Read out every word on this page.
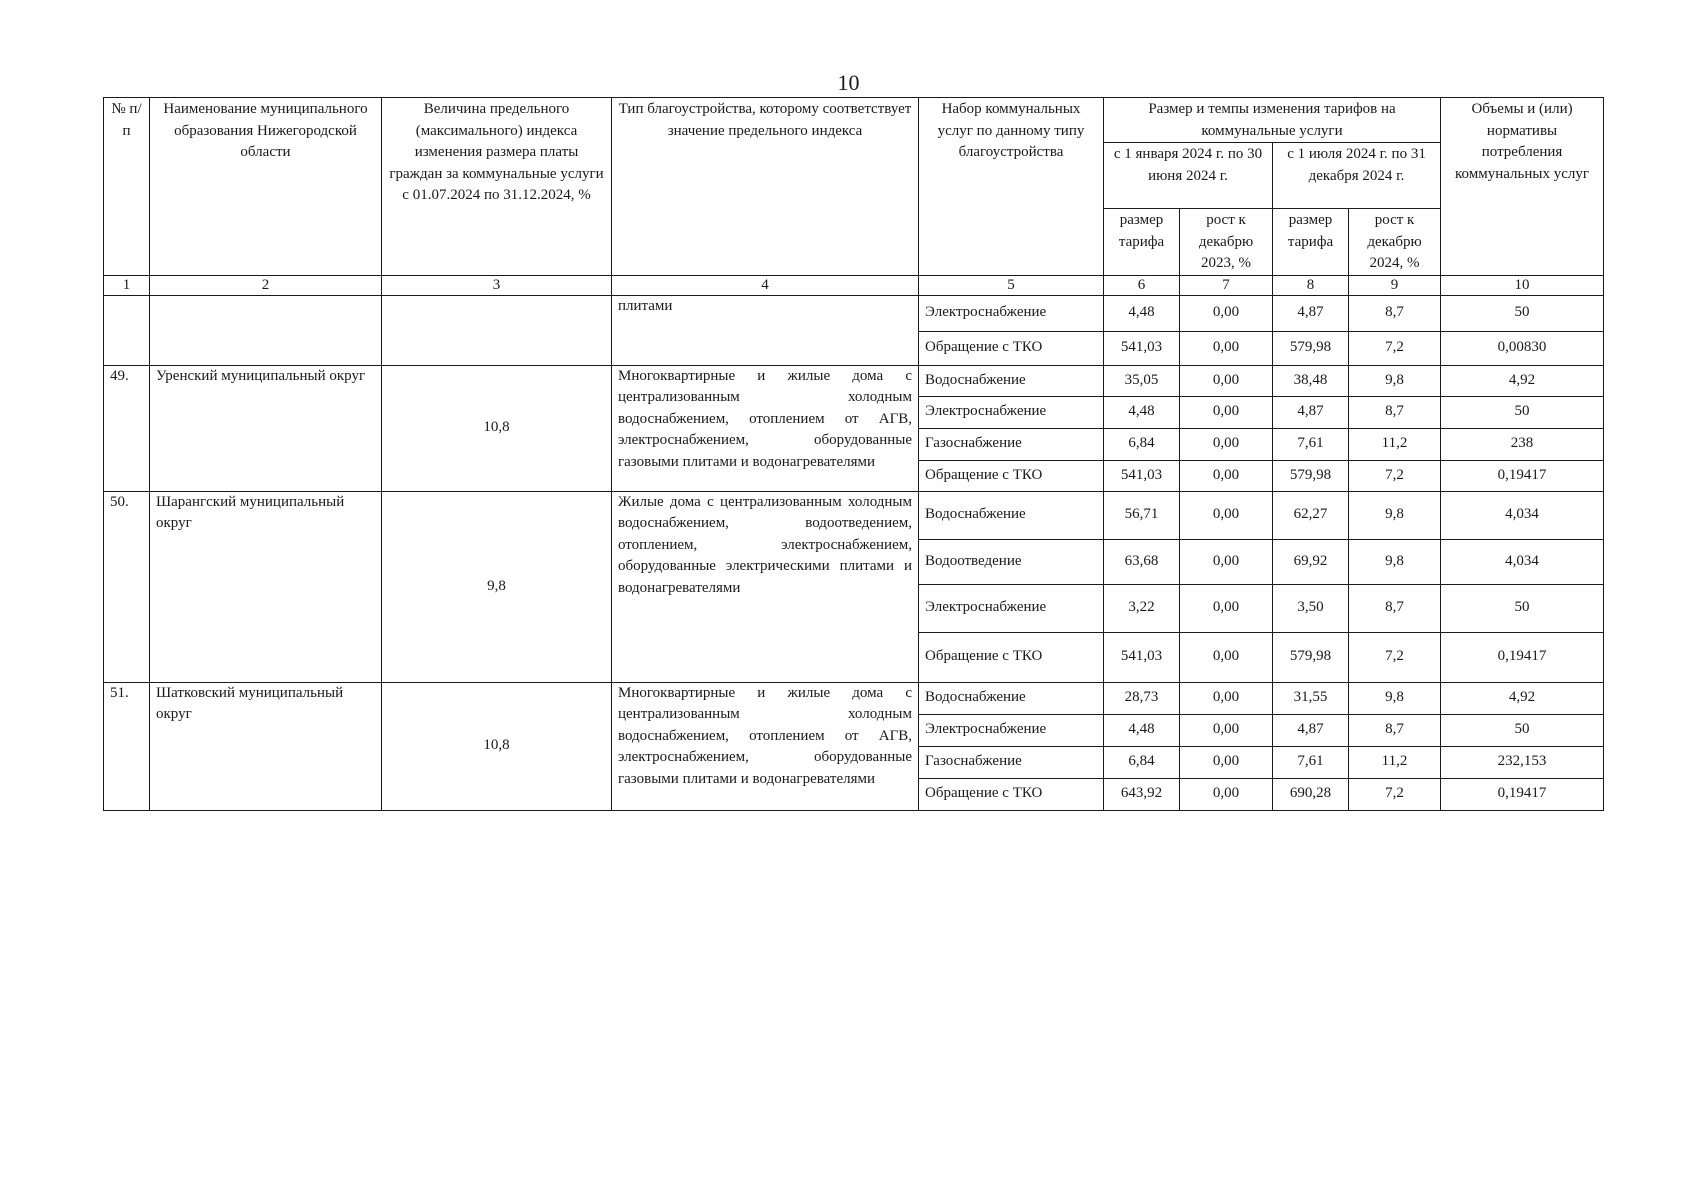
10
№ п/п	Наименование муниципального образования Нижегородской области	Величина предельного (максимального) индекса изменения размера платы граждан за коммунальные услуги с 01.07.2024 по 31.12.2024, %	Тип благоустройства, которому соответствует значение предельного индекса	Набор коммунальных услуг по данному типу благоустройства	Размер и темпы изменения тарифов на коммунальные услуги				Объемы и (или) нормативы потребления коммунальных услуг
					с 1 января 2024 г. по 30 июня 2024 г.		с 1 июля 2024 г. по 31 декабря 2024 г.		
					размер тарифа	рост к декабрю 2023, %	размер тарифа	рост к декабрю 2024, %	
1	2	3	4	5	6	7	8	9	10
			плитами	Электроснабжение	4,48	0,00	4,87	8,7	50
				Обращение с ТКО	541,03	0,00	579,98	7,2	0,00830
49.	Уренский муниципальный округ	10,8	Многоквартирные и жилые дома с централизованным холодным водоснабжением, отоплением от АГВ, электроснабжением, оборудованные газовыми плитами и водонагревателями	Водоснабжение	35,05	0,00	38,48	9,8	4,92
				Электроснабжение	4,48	0,00	4,87	8,7	50
				Газоснабжение	6,84	0,00	7,61	11,2	238
				Обращение с ТКО	541,03	0,00	579,98	7,2	0,19417
50.	Шарангский муниципальный округ	9,8	Жилые дома с централизованным холодным водоснабжением, водоотведением, отоплением, электроснабжением, оборудованные электрическими плитами и водонагревателями	Водоснабжение	56,71	0,00	62,27	9,8	4,034
				Водоотведение	63,68	0,00	69,92	9,8	4,034
				Электроснабжение	3,22	0,00	3,50	8,7	50
				Обращение с ТКО	541,03	0,00	579,98	7,2	0,19417
51.	Шатковский муниципальный округ	10,8	Многоквартирные и жилые дома с централизованным холодным водоснабжением, отоплением от АГВ, электроснабжением, оборудованные газовыми плитами и водонагревателями	Водоснабжение	28,73	0,00	31,55	9,8	4,92
				Электроснабжение	4,48	0,00	4,87	8,7	50
				Газоснабжение	6,84	0,00	7,61	11,2	232,153
				Обращение с ТКО	643,92	0,00	690,28	7,2	0,19417
